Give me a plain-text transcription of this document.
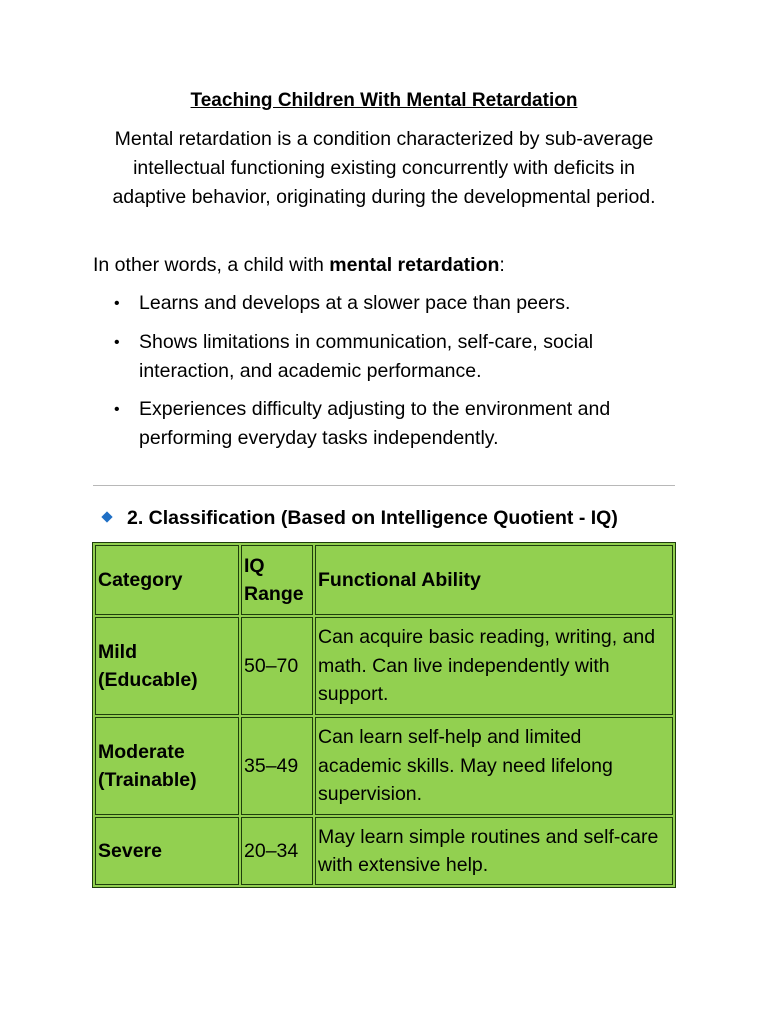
Teaching Children With Mental Retardation
Mental retardation is a condition characterized by sub-average intellectual functioning existing concurrently with deficits in adaptive behavior, originating during the developmental period.
In other words, a child with mental retardation:
• Learns and develops at a slower pace than peers.
• Shows limitations in communication, self-care, social interaction, and academic performance.
• Experiences difficulty adjusting to the environment and performing everyday tasks independently.
2. Classification (Based on Intelligence Quotient - IQ)
Category	IQ Range	Functional Ability
Mild (Educable)	50–70	Can acquire basic reading, writing, and math. Can live independently with support.
Moderate (Trainable)	35–49	Can learn self-help and limited academic skills. May need lifelong supervision.
Severe	20–34	May learn simple routines and self-care with extensive help.
